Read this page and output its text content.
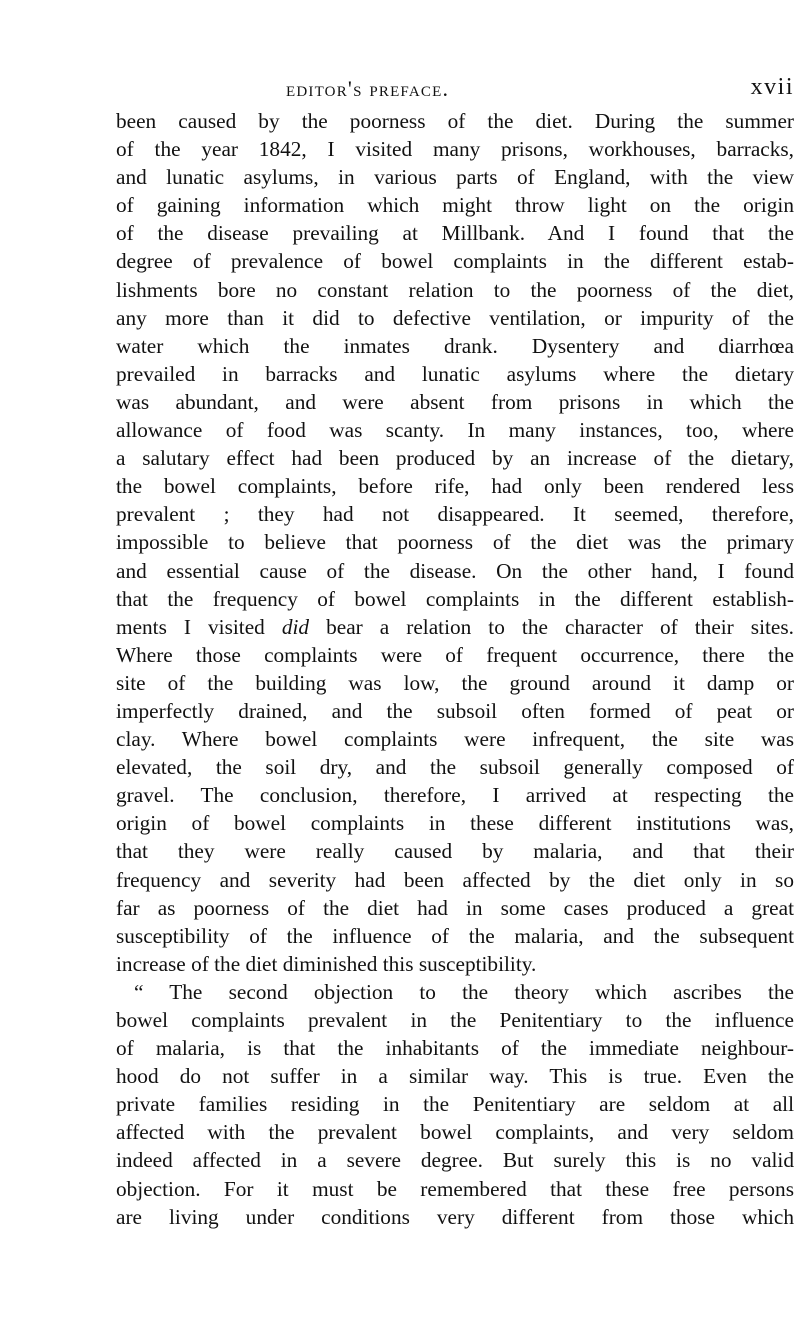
editor's preface.	xvii
been caused by the poorness of the diet. During the summer
of the year 1842, I visited many prisons, workhouses, barracks,
and lunatic asylums, in various parts of England, with the view
of gaining information which might throw light on the origin
of the disease prevailing at Millbank. And I found that the
degree of prevalence of bowel complaints in the different estab-
lishments bore no constant relation to the poorness of the diet,
any more than it did to defective ventilation, or impurity of the
water which the inmates drank. Dysentery and diarrhœa
prevailed in barracks and lunatic asylums where the dietary
was abundant, and were absent from prisons in which the
allowance of food was scanty. In many instances, too, where
a salutary effect had been produced by an increase of the dietary,
the bowel complaints, before rife, had only been rendered less
prevalent ; they had not disappeared. It seemed, therefore,
impossible to believe that poorness of the diet was the primary
and essential cause of the disease. On the other hand, I found
that the frequency of bowel complaints in the different establish-
ments I visited did bear a relation to the character of their sites.
Where those complaints were of frequent occurrence, there the
site of the building was low, the ground around it damp or
imperfectly drained, and the subsoil often formed of peat or
clay. Where bowel complaints were infrequent, the site was
elevated, the soil dry, and the subsoil generally composed of
gravel. The conclusion, therefore, I arrived at respecting the
origin of bowel complaints in these different institutions was,
that they were really caused by malaria, and that their
frequency and severity had been affected by the diet only in so
far as poorness of the diet had in some cases produced a great
susceptibility of the influence of the malaria, and the subsequent
increase of the diet diminished this susceptibility.
“ The second objection to the theory which ascribes the
bowel complaints prevalent in the Penitentiary to the influence
of malaria, is that the inhabitants of the immediate neighbour-
hood do not suffer in a similar way. This is true. Even the
private families residing in the Penitentiary are seldom at all
affected with the prevalent bowel complaints, and very seldom
indeed affected in a severe degree. But surely this is no valid
objection. For it must be remembered that these free persons
are living under conditions very different from those which
